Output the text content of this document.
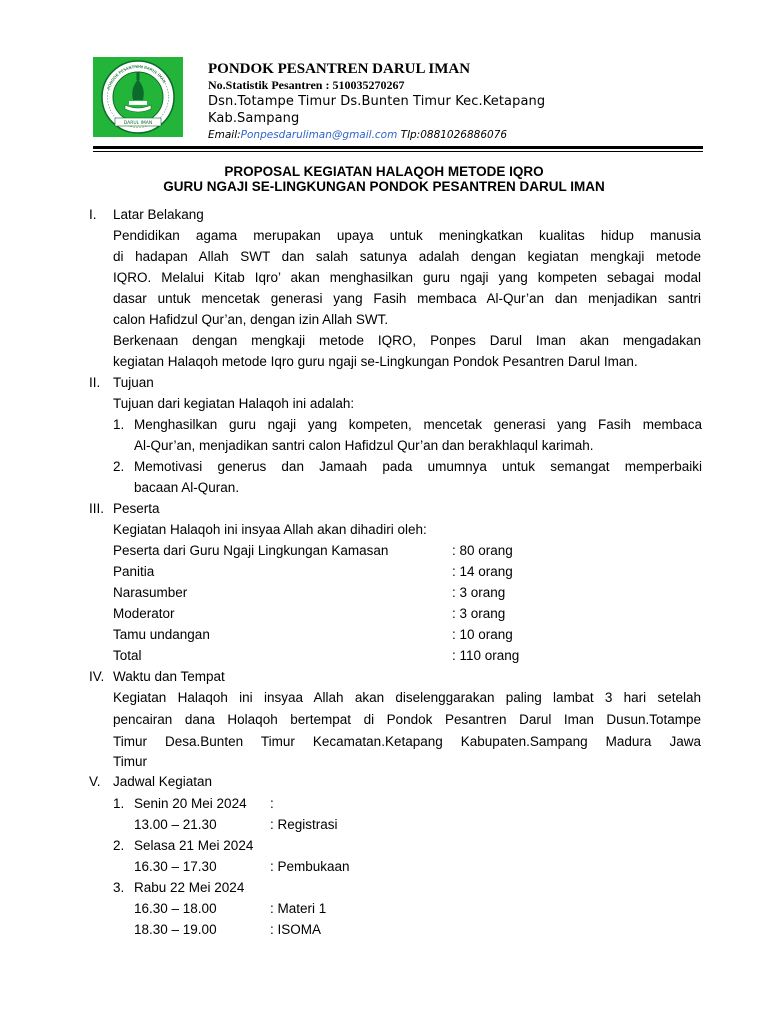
DARUL IMAN
PONDOK PESANTREN DARUL IMAN
PONDOK PESANTREN DARUL IMAN
No.Statistik Pesantren : 510035270267
Dsn.Totampe Timur Ds.Bunten Timur Kec.Ketapang
Kab.Sampang
Email:Ponpesdaruliman@gmail.com Tlp:0881026886076
PROPOSAL KEGIATAN HALAQOH METODE IQRO
GURU NGAJI SE-LINGKUNGAN PONDOK PESANTREN DARUL IMAN
I. Latar Belakang
Pendidikan agama merupakan upaya untuk meningkatkan kualitas hidup manusia
di hadapan Allah SWT dan salah satunya adalah dengan kegiatan mengkaji metode
IQRO. Melalui Kitab Iqro’ akan menghasilkan guru ngaji yang kompeten sebagai modal
dasar untuk mencetak generasi yang Fasih membaca Al-Qur’an dan menjadikan santri
calon Hafidzul Qur’an, dengan izin Allah SWT.
Berkenaan dengan mengkaji metode IQRO, Ponpes Darul Iman akan mengadakan
kegiatan Halaqoh metode Iqro guru ngaji se-Lingkungan Pondok Pesantren Darul Iman.
II. Tujuan
Tujuan dari kegiatan Halaqoh ini adalah:
1. Menghasilkan guru ngaji yang kompeten, mencetak generasi yang Fasih membaca
Al-Qur’an, menjadikan santri calon Hafidzul Qur’an dan berakhlaqul karimah.
2. Memotivasi generus dan Jamaah pada umumnya untuk semangat memperbaiki
bacaan Al-Quran.
III. Peserta
Kegiatan Halaqoh ini insyaa Allah akan dihadiri oleh:
Peserta dari Guru Ngaji Lingkungan Kamasan	: 80 orang
Panitia	: 14 orang
Narasumber	: 3 orang
Moderator	: 3 orang
Tamu undangan	: 10 orang
Total	: 110 orang
IV. Waktu dan Tempat
Kegiatan Halaqoh ini insyaa Allah akan diselenggarakan paling lambat 3 hari setelah
pencairan dana Holaqoh bertempat di Pondok Pesantren Darul Iman Dusun.Totampe
Timur Desa.Bunten Timur Kecamatan.Ketapang Kabupaten.Sampang Madura Jawa
Timur
V. Jadwal Kegiatan
1. Senin 20 Mei 2024 :
13.00 – 21.30	: Registrasi
2. Selasa 21 Mei 2024
16.30 – 17.30	: Pembukaan
3. Rabu 22 Mei 2024
16.30 – 18.00	: Materi 1
18.30 – 19.00	: ISOMA
